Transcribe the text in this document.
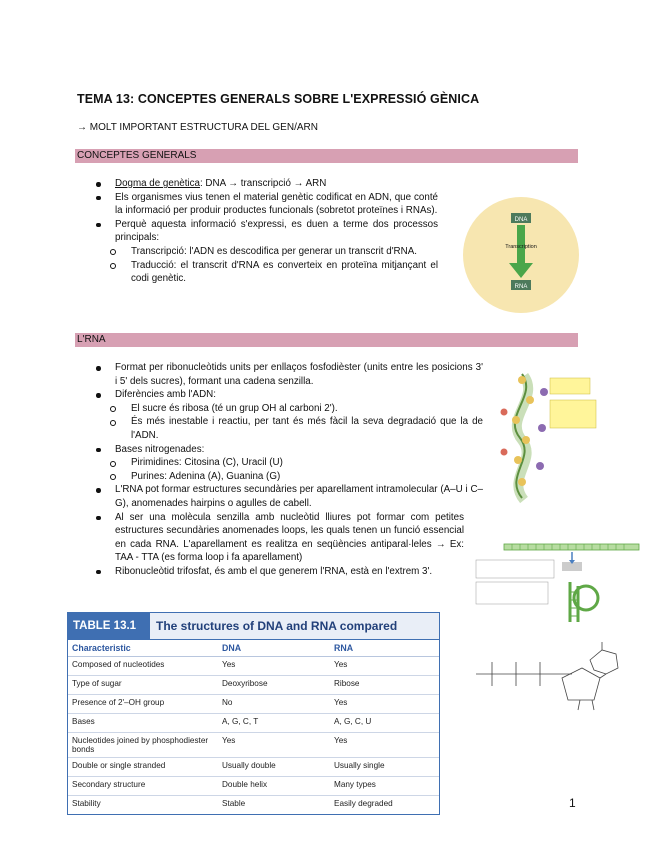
TEMA 13: CONCEPTES GENERALS SOBRE L'EXPRESSIÓ GÈNICA
→ MOLT IMPORTANT ESTRUCTURA DEL GEN/ARN
CONCEPTES GENERALS
Dogma de genètica: DNA → transcripció → ARN
Els organismes vius tenen el material genètic codificat en ADN, que conté la informació per produir productes funcionals (sobretot proteïnes i RNAs).
Perquè aquesta informació s'expressi, es duen a terme dos processos principals:
Transcripció: l'ADN es descodifica per generar un transcrit d'RNA.
Traducció: el transcrit d'RNA es converteix en proteïna mitjançant el codi genètic.
DNA
Transcription
RNA
L'RNA
Format per ribonucleòtids units per enllaços fosfodièster (units entre les posicions 3' i 5' dels sucres), formant una cadena senzilla.
Diferències amb l'ADN:
El sucre és ribosa (té un grup OH al carboni 2').
És més inestable i reactiu, per tant és més fàcil la seva degradació que la de l'ADN.
Bases nitrogenades:
Pirimidines: Citosina (C), Uracil (U)
Purines: Adenina (A), Guanina (G)
L'RNA pot formar estructures secundàries per aparellament intramolecular (A–U i C–G), anomenades hairpins o agulles de cabell.
Al ser una molècula senzilla amb nucleòtid lliures pot formar com petites estructures secundàries anomenades loops, les quals tenen un funció essencial en cada RNA. L'aparellament es realitza en seqüències antiparal·leles → Ex: TAA - TTA (es forma loop i fa aparellament)
Ribonucleòtid trifosfat, és amb el que generem l'RNA, està en l'extrem 3'.
TABLE 13.1	The structures of DNA and RNA compared
Characteristic	DNA	RNA
Composed of nucleotides	Yes	Yes
Type of sugar	Deoxyribose	Ribose
Presence of 2'–OH group	No	Yes
Bases	A, G, C, T	A, G, C, U
Nucleotides joined by phosphodiester bonds	Yes	Yes
Double or single stranded	Usually double	Usually single
Secondary structure	Double helix	Many types
Stability	Stable	Easily degraded	1
